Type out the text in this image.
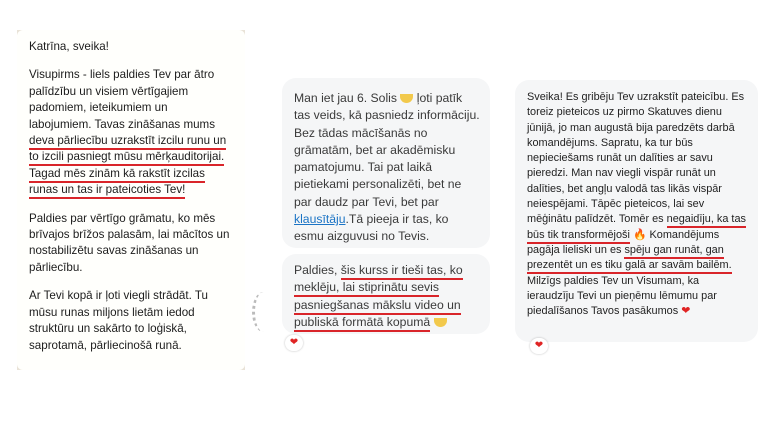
Katrīna, sveika!

Visupirms - liels paldies Tev par ātro palīdzību un visiem vērtīgajiem padomiem, ieteikumiem un labojumiem. Tavas zināšanas mums deva pārliecību uzrakstīt izcilu runu un to izcili pasniegt mūsu mērķauditorijai. Tagad mēs zinām kā rakstīt izcilas runas un tas ir pateicoties Tev!

Paldies par vērtīgo grāmatu, ko mēs brīvajos brīžos palasām, lai mācītos un nostabilizētu savas zināšanas un pārliecību.

Ar Tevi kopā ir ļoti viegli strādāt. Tu mūsu runas miljons lietām iedod struktūru un sakārto to loģiskā, saprotamā, pārliecinošā runā.

Man iet jau 6. Solis  ļoti patīk tas veids, kā pasniedz informāciju. Bez tādas mācīšanās no grāmatām, bet ar akadēmisku pamatojumu. Tai pat laikā pietiekami personalizēti, bet ne par daudz par Tevi, bet par klausītāju.Tā pieeja ir tas, ko esmu aizguvusi no Tevis.
Paldies, šis kurss ir tieši tas, ko meklēju, lai stiprinātu sevis pasniegšanas mākslu video un publiskā formātā kopumā
❤
Sveika! Es gribēju Tev uzrakstīt pateicību. Es toreiz pieteicos uz pirmo Skatuves dienu jūnijā, jo man augustā bija paredzēts darbā komandējums. Sapratu, ka tur būs nepieciešams runāt un dalīties ar savu pieredzi. Man nav viegli vispār runāt un dalīties, bet angļu valodā tas likās vispār neiespējami. Tāpēc pieteicos, lai sev mēģinātu palīdzēt. Tomēr es negaidīju, ka tas būs tik transformējoši 🔥 Komandējums pagāja lieliski un es spēju gan runāt, gan prezentēt un es tiku galā ar savām bailēm. Milzīgs paldies Tev un Visumam, ka ieraudzīju Tevi un pieņēmu lēmumu par piedalīšanos Tavos pasākumos ❤
❤
